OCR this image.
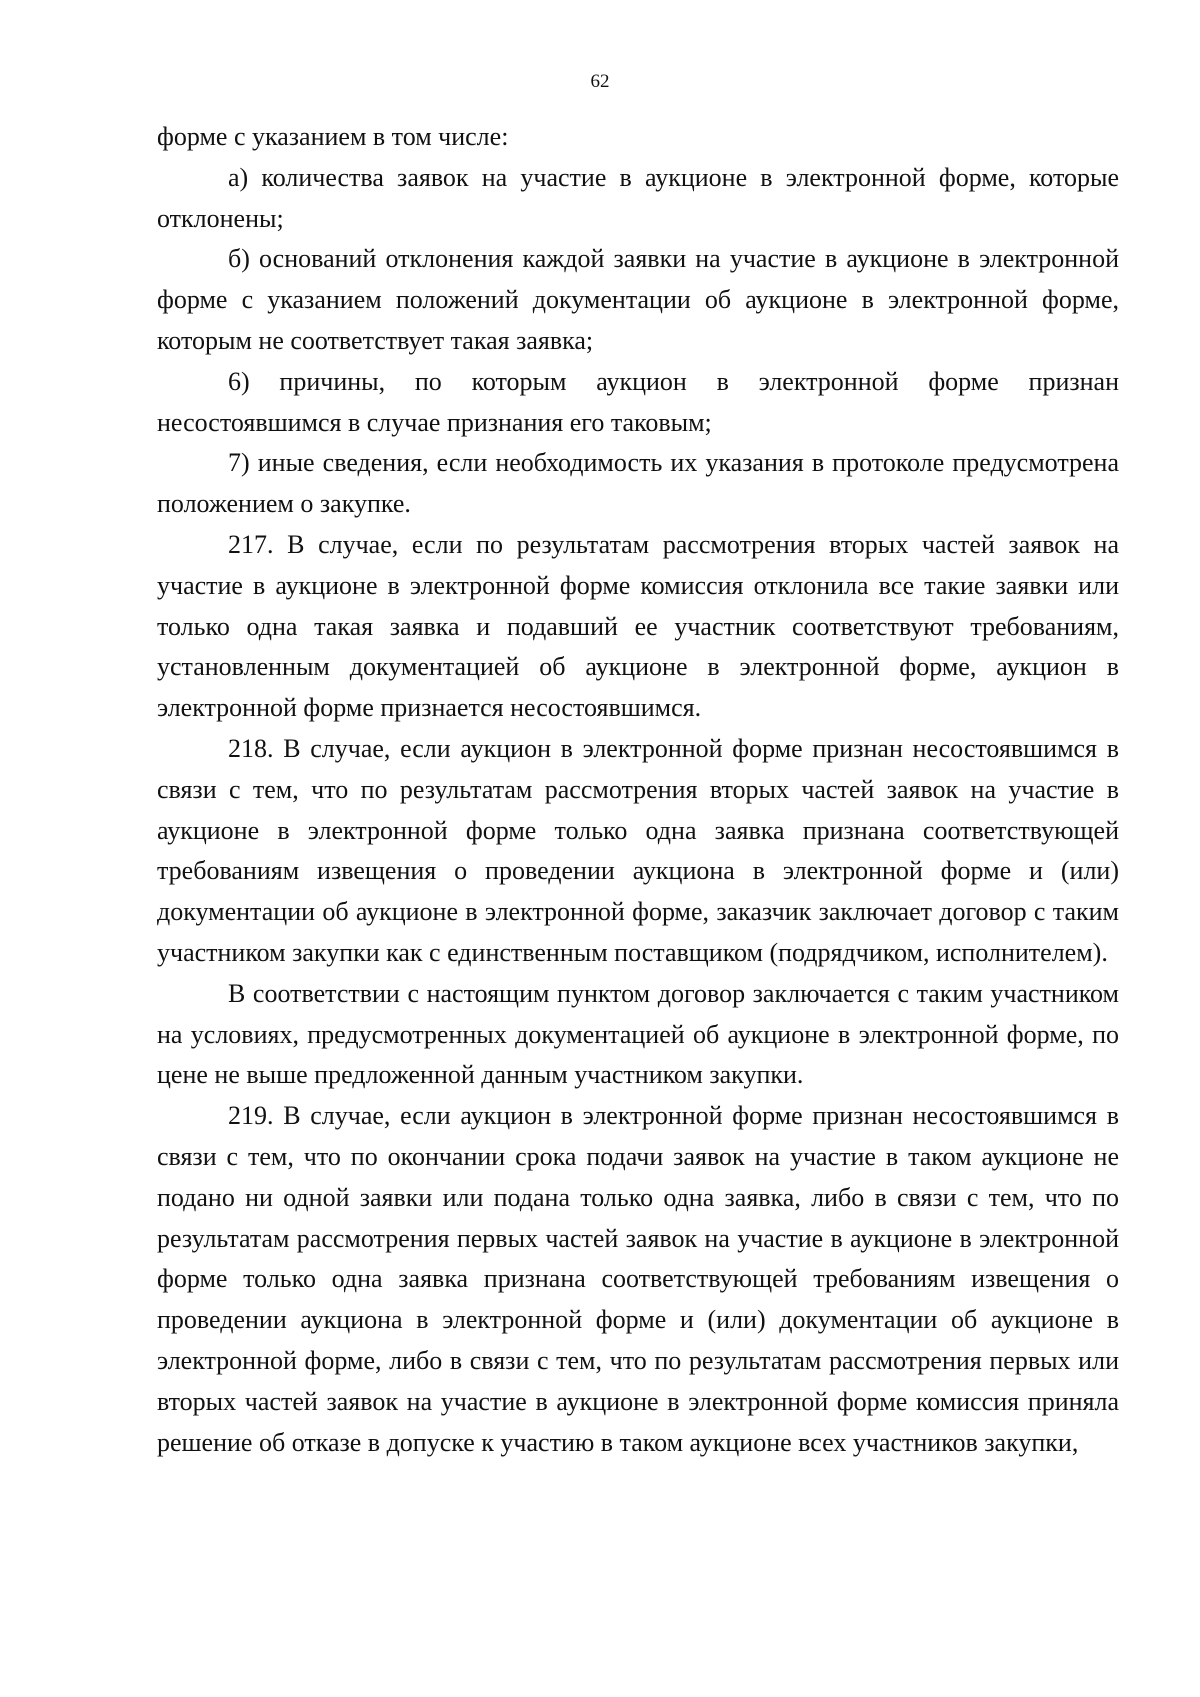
62

форме с указанием в том числе:

а) количества заявок на участие в аукционе в электронной форме, которые отклонены;

б) оснований отклонения каждой заявки на участие в аукционе в электронной форме с указанием положений документации об аукционе в электронной форме, которым не соответствует такая заявка;

6) причины, по которым аукцион в электронной форме признан несостоявшимся в случае признания его таковым;

7) иные сведения, если необходимость их указания в протоколе предусмотрена положением о закупке.

217. В случае, если по результатам рассмотрения вторых частей заявок на участие в аукционе в электронной форме комиссия отклонила все такие заявки или только одна такая заявка и подавший ее участник соответствуют требованиям, установленным документацией об аукционе в электронной форме, аукцион в электронной форме признается несостоявшимся.

218. В случае, если аукцион в электронной форме признан несостоявшимся в связи с тем, что по результатам рассмотрения вторых частей заявок на участие в аукционе в электронной форме только одна заявка признана соответствующей требованиям извещения о проведении аукциона в электронной форме и (или) документации об аукционе в электронной форме, заказчик заключает договор с таким участником закупки как с единственным поставщиком (подрядчиком, исполнителем).

В соответствии с настоящим пунктом договор заключается с таким участником на условиях, предусмотренных документацией об аукционе в электронной форме, по цене не выше предложенной данным участником закупки.

219. В случае, если аукцион в электронной форме признан несостоявшимся в связи с тем, что по окончании срока подачи заявок на участие в таком аукционе не подано ни одной заявки или подана только одна заявка, либо в связи с тем, что по результатам рассмотрения первых частей заявок на участие в аукционе в электронной форме только одна заявка признана соответствующей требованиям извещения о проведении аукциона в электронной форме и (или) документации об аукционе в электронной форме, либо в связи с тем, что по результатам рассмотрения первых или вторых частей заявок на участие в аукционе в электронной форме комиссия приняла решение об отказе в допуске к участию в таком аукционе всех участников закупки,
